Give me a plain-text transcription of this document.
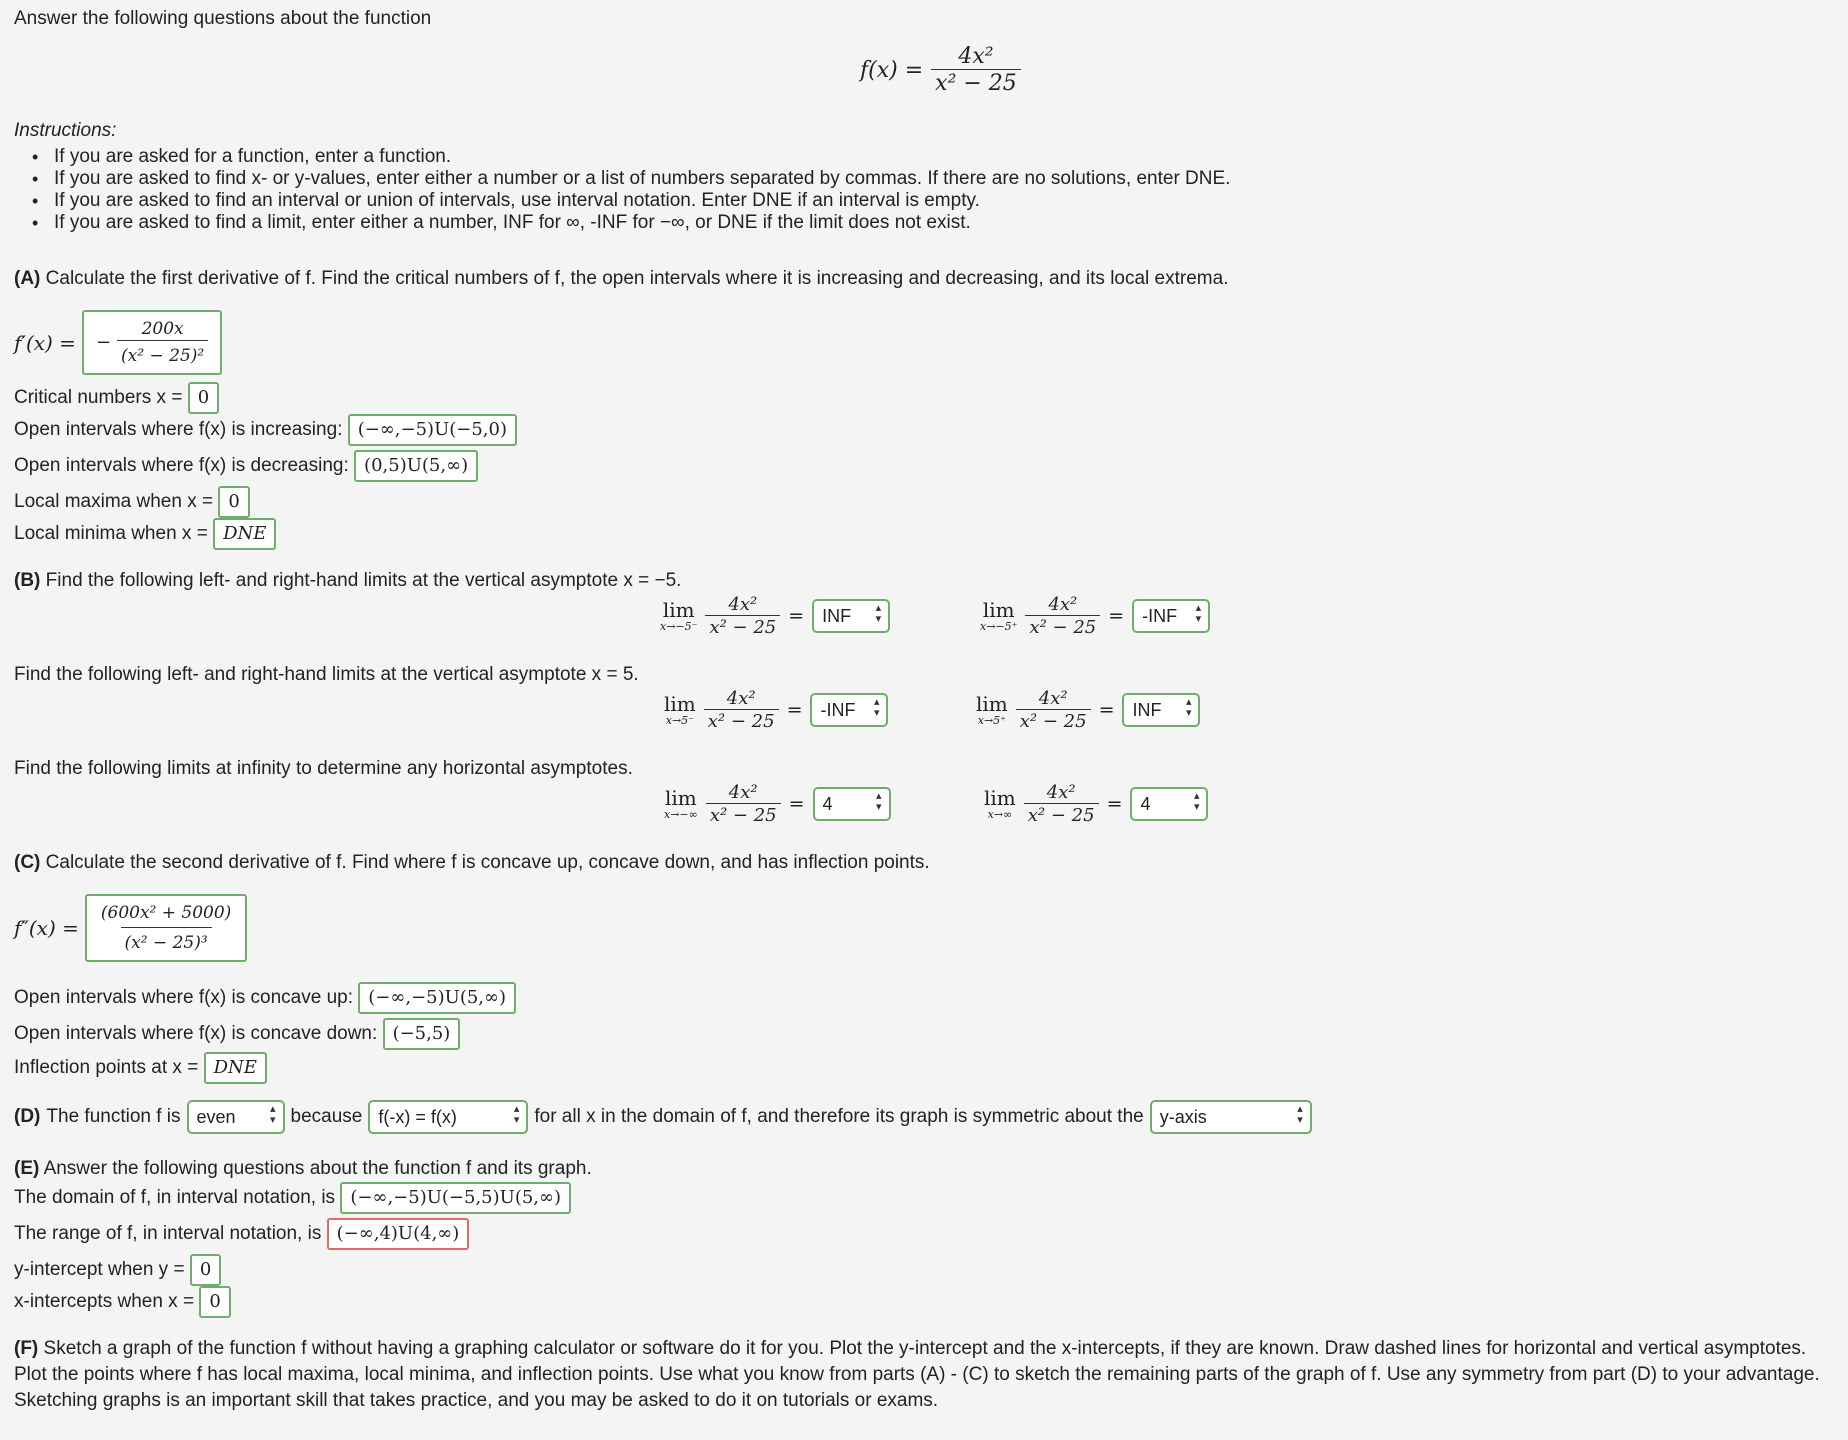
Answer the following questions about the function
$f(x) = \frac{\text{4x²}}{\text{x² − 25}}$
Instructions:
• If you are asked for a function, enter a function.
• If you are asked to find x- or y-values, enter either a number or a list of numbers separated by commas. If there are no solutions, enter DNE.
• If you are asked to find an interval or union of intervals, use interval notation. Enter DNE if an interval is empty.
• If you are asked to find a limit, enter either a number, INF for ∞, -INF for −∞, or DNE if the limit does not exist.
(A) Calculate the first derivative of f. Find the critical numbers of f, the open intervals where it is increasing and decreasing, and its local extrema.
f′(x) = − $\frac{200x}{\text{(x² − 25)²}}$
Critical numbers x = 0
Open intervals where f(x) is increasing: (−∞,−5)U(−5,0)
Open intervals where f(x) is decreasing: (0,5)U(5,∞)
Local maxima when x = 0
Local minima when x = DNE
(B) Find the following left- and right-hand limits at the vertical asymptote x = −5.
lim
$x\to-5^- \frac{\text{4x²}}{\text{x² − 25}}$ =	INF ▴ ▾	lim
$x\to-5^+ \frac{\text{4x²}}{\text{x² − 25}}$ =	-INF ▴ ▾
Find the following left- and right-hand limits at the vertical asymptote x = 5.
lim
$x\to 5^- \frac{\text{4x²}}{\text{x² − 25}}$ =	-INF ▴ ▾	lim
$x\to 5^+ \frac{\text{4x²}}{\text{x² − 25}}$ =	INF ▴ ▾
Find the following limits at infinity to determine any horizontal asymptotes.
lim
$x\to-\infty \frac{\text{4x²}}{\text{x² − 25}}$ =	4 ▴ ▾	lim
$x\to\infty \frac{\text{4x²}}{\text{x² − 25}}$ =	4 ▴ ▾
(C) Calculate the second derivative of f. Find where f is concave up, concave down, and has inflection points.
$f''(x) = \frac{\text{(600x² + 5000)}}{\text{(x² − 25)³}}$
Open intervals where f(x) is concave up: (−∞,−5)U(5,∞)
Open intervals where f(x) is concave down: (−5,5)
Inflection points at x = DNE
(D) The function f is even ▴ ▾	because f(-x) = f(x) ▴ ▾	for all x in the domain of f, and therefore its graph is symmetric about the y-axis ▴ ▾
(E) Answer the following questions about the function f and its graph.
The domain of f, in interval notation, is (−∞,−5)U(−5,5)U(5,∞)
The range of f, in interval notation, is (−∞,4)U(4,∞)
y-intercept when y = 0
x-intercepts when x = 0
(F) Sketch a graph of the function f without having a graphing calculator or software do it for you. Plot the y-intercept and the x-intercepts, if they are known. Draw dashed lines for horizontal and vertical asymptotes. Plot the points where f has local maxima, local minima, and inflection points. Use what you know from parts (A) - (C) to sketch the remaining parts of the graph of f. Use any symmetry from part (D) to your advantage. Sketching graphs is an important skill that takes practice, and you may be asked to do it on tutorials or exams.
